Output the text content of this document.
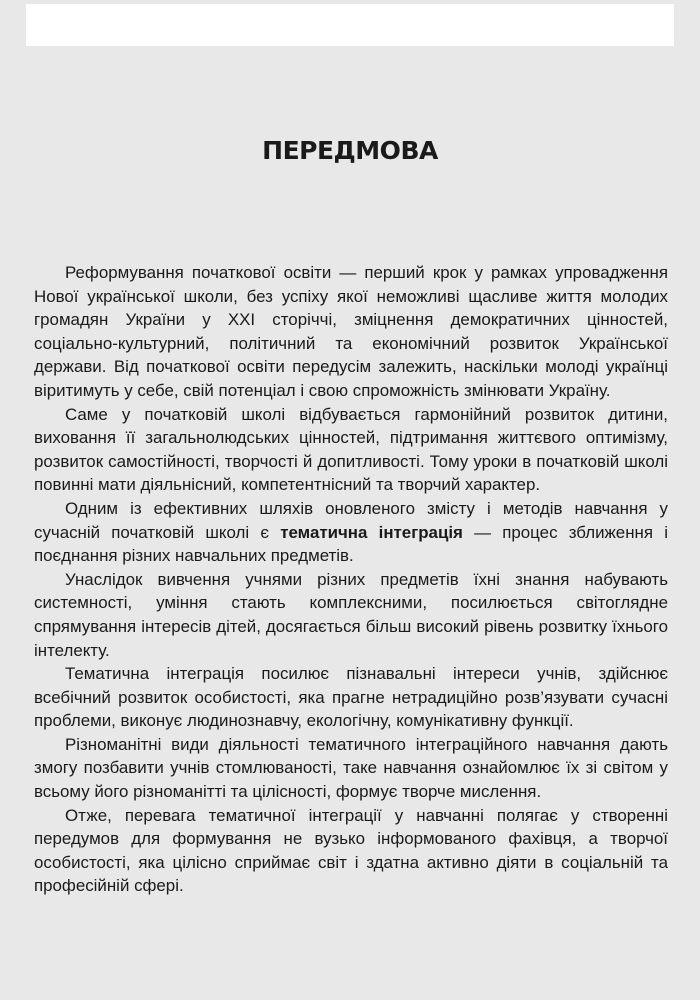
ПЕРЕДМОВА

Реформування початкової освіти — перший крок у рамках упровадження Нової української школи, без успіху якої неможливі щасливе життя молодих громадян України у XXI сторіччі, зміцнення демократичних цінностей, соціально-культурний, політичний та економічний розвиток Української держави. Від початкової освіти передусім залежить, наскільки молоді українці віритимуть у себе, свій потенціал і свою спроможність змінювати Україну.

Саме у початковій школі відбувається гармонійний розвиток дитини, виховання її загальнолюдських цінностей, підтримання життєвого оптимізму, розвиток самостійності, творчості й допитливості. Тому уроки в початковій школі повинні мати діяльнісний, компетентнісний та творчий характер.

Одним із ефективних шляхів оновленого змісту і методів навчання у сучасній початковій школі є тематична інтеграція — процес зближення і поєднання різних навчальних предметів.

Унаслідок вивчення учнями різних предметів їхні знання набувають системності, уміння стають комплексними, посилюється світоглядне спрямування інтересів дітей, досягається більш високий рівень розвитку їхнього інтелекту.

Тематична інтеграція посилює пізнавальні інтереси учнів, здійснює всебічний розвиток особистості, яка прагне нетрадиційно розв’язувати сучасні проблеми, виконує людинознавчу, екологічну, комунікативну функції.

Різноманітні види діяльності тематичного інтеграційного навчання дають змогу позбавити учнів стомлюваності, таке навчання ознайомлює їх зі світом у всьому його різноманітті та цілісності, формує творче мислення.

Отже, перевага тематичної інтеграції у навчанні полягає у створенні передумов для формування не вузько інформованого фахівця, а творчої особистості, яка цілісно сприймає світ і здатна активно діяти в соціальній та професійній сфері.
